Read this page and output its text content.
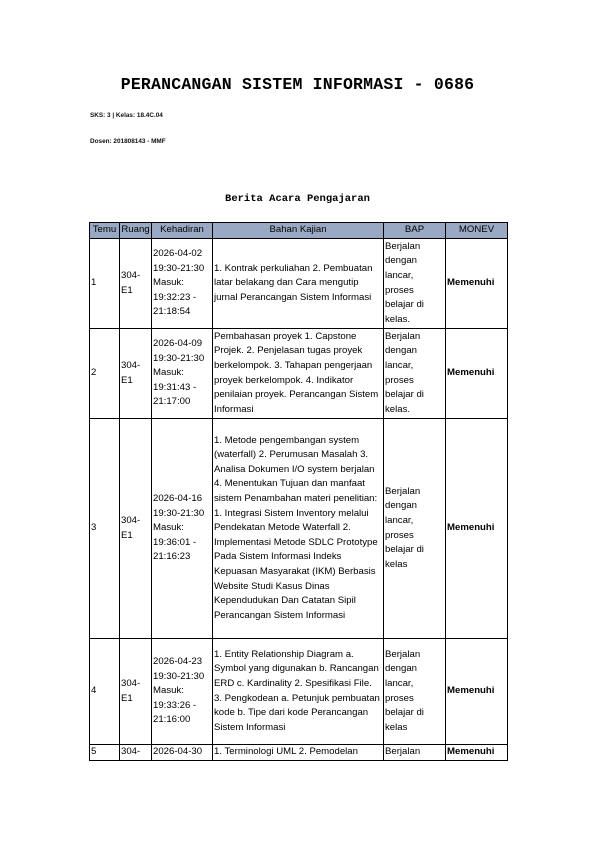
PERANCANGAN SISTEM INFORMASI - 0686
SKS: 3 | Kelas: 18.4C.04
Dosen: 201808143 - MMF
Berita Acara Pengajaran
Temu	Ruang	Kehadiran	Bahan Kajian	BAP	MONEV
1	304-E1	2026-04-02 19:30-21:30 Masuk: 19:32:23 - 21:18:54	1. Kontrak perkuliahan 2. Pembuatan latar belakang dan Cara mengutip jurnal Perancangan Sistem Informasi	Berjalan dengan lancar, proses belajar di kelas.	Memenuhi
2	304-E1	2026-04-09 19:30-21:30 Masuk: 19:31:43 - 21:17:00	Pembahasan proyek 1. Capstone Projek. 2. Penjelasan tugas proyek berkelompok. 3. Tahapan pengerjaan proyek berkelompok. 4. Indikator penilaian proyek. Perancangan Sistem Informasi	Berjalan dengan lancar, proses belajar di kelas.	Memenuhi
3	304-E1	2026-04-16 19:30-21:30 Masuk: 19:36:01 - 21:16:23	1. Metode pengembangan system (waterfall) 2. Perumusan Masalah 3. Analisa Dokumen I/O system berjalan 4. Menentukan Tujuan dan manfaat sistem Penambahan materi penelitian: 1. Integrasi Sistem Inventory melalui Pendekatan Metode Waterfall 2. Implementasi Metode SDLC Prototype Pada Sistem Informasi Indeks Kepuasan Masyarakat (IKM) Berbasis Website Studi Kasus Dinas Kependudukan Dan Catatan Sipil Perancangan Sistem Informasi	Berjalan dengan lancar, proses belajar di kelas	Memenuhi
4	304-E1	2026-04-23 19:30-21:30 Masuk: 19:33:26 - 21:16:00	1. Entity Relationship Diagram a. Symbol yang digunakan b. Rancangan ERD c. Kardinality 2. Spesifikasi File. 3. Pengkodean a. Petunjuk pembuatan kode b. Tipe dari kode Perancangan Sistem Informasi	Berjalan dengan lancar, proses belajar di kelas	Memenuhi
5	304-	2026-04-30	1. Terminologi UML 2. Pemodelan	Berjalan	Memenuhi
